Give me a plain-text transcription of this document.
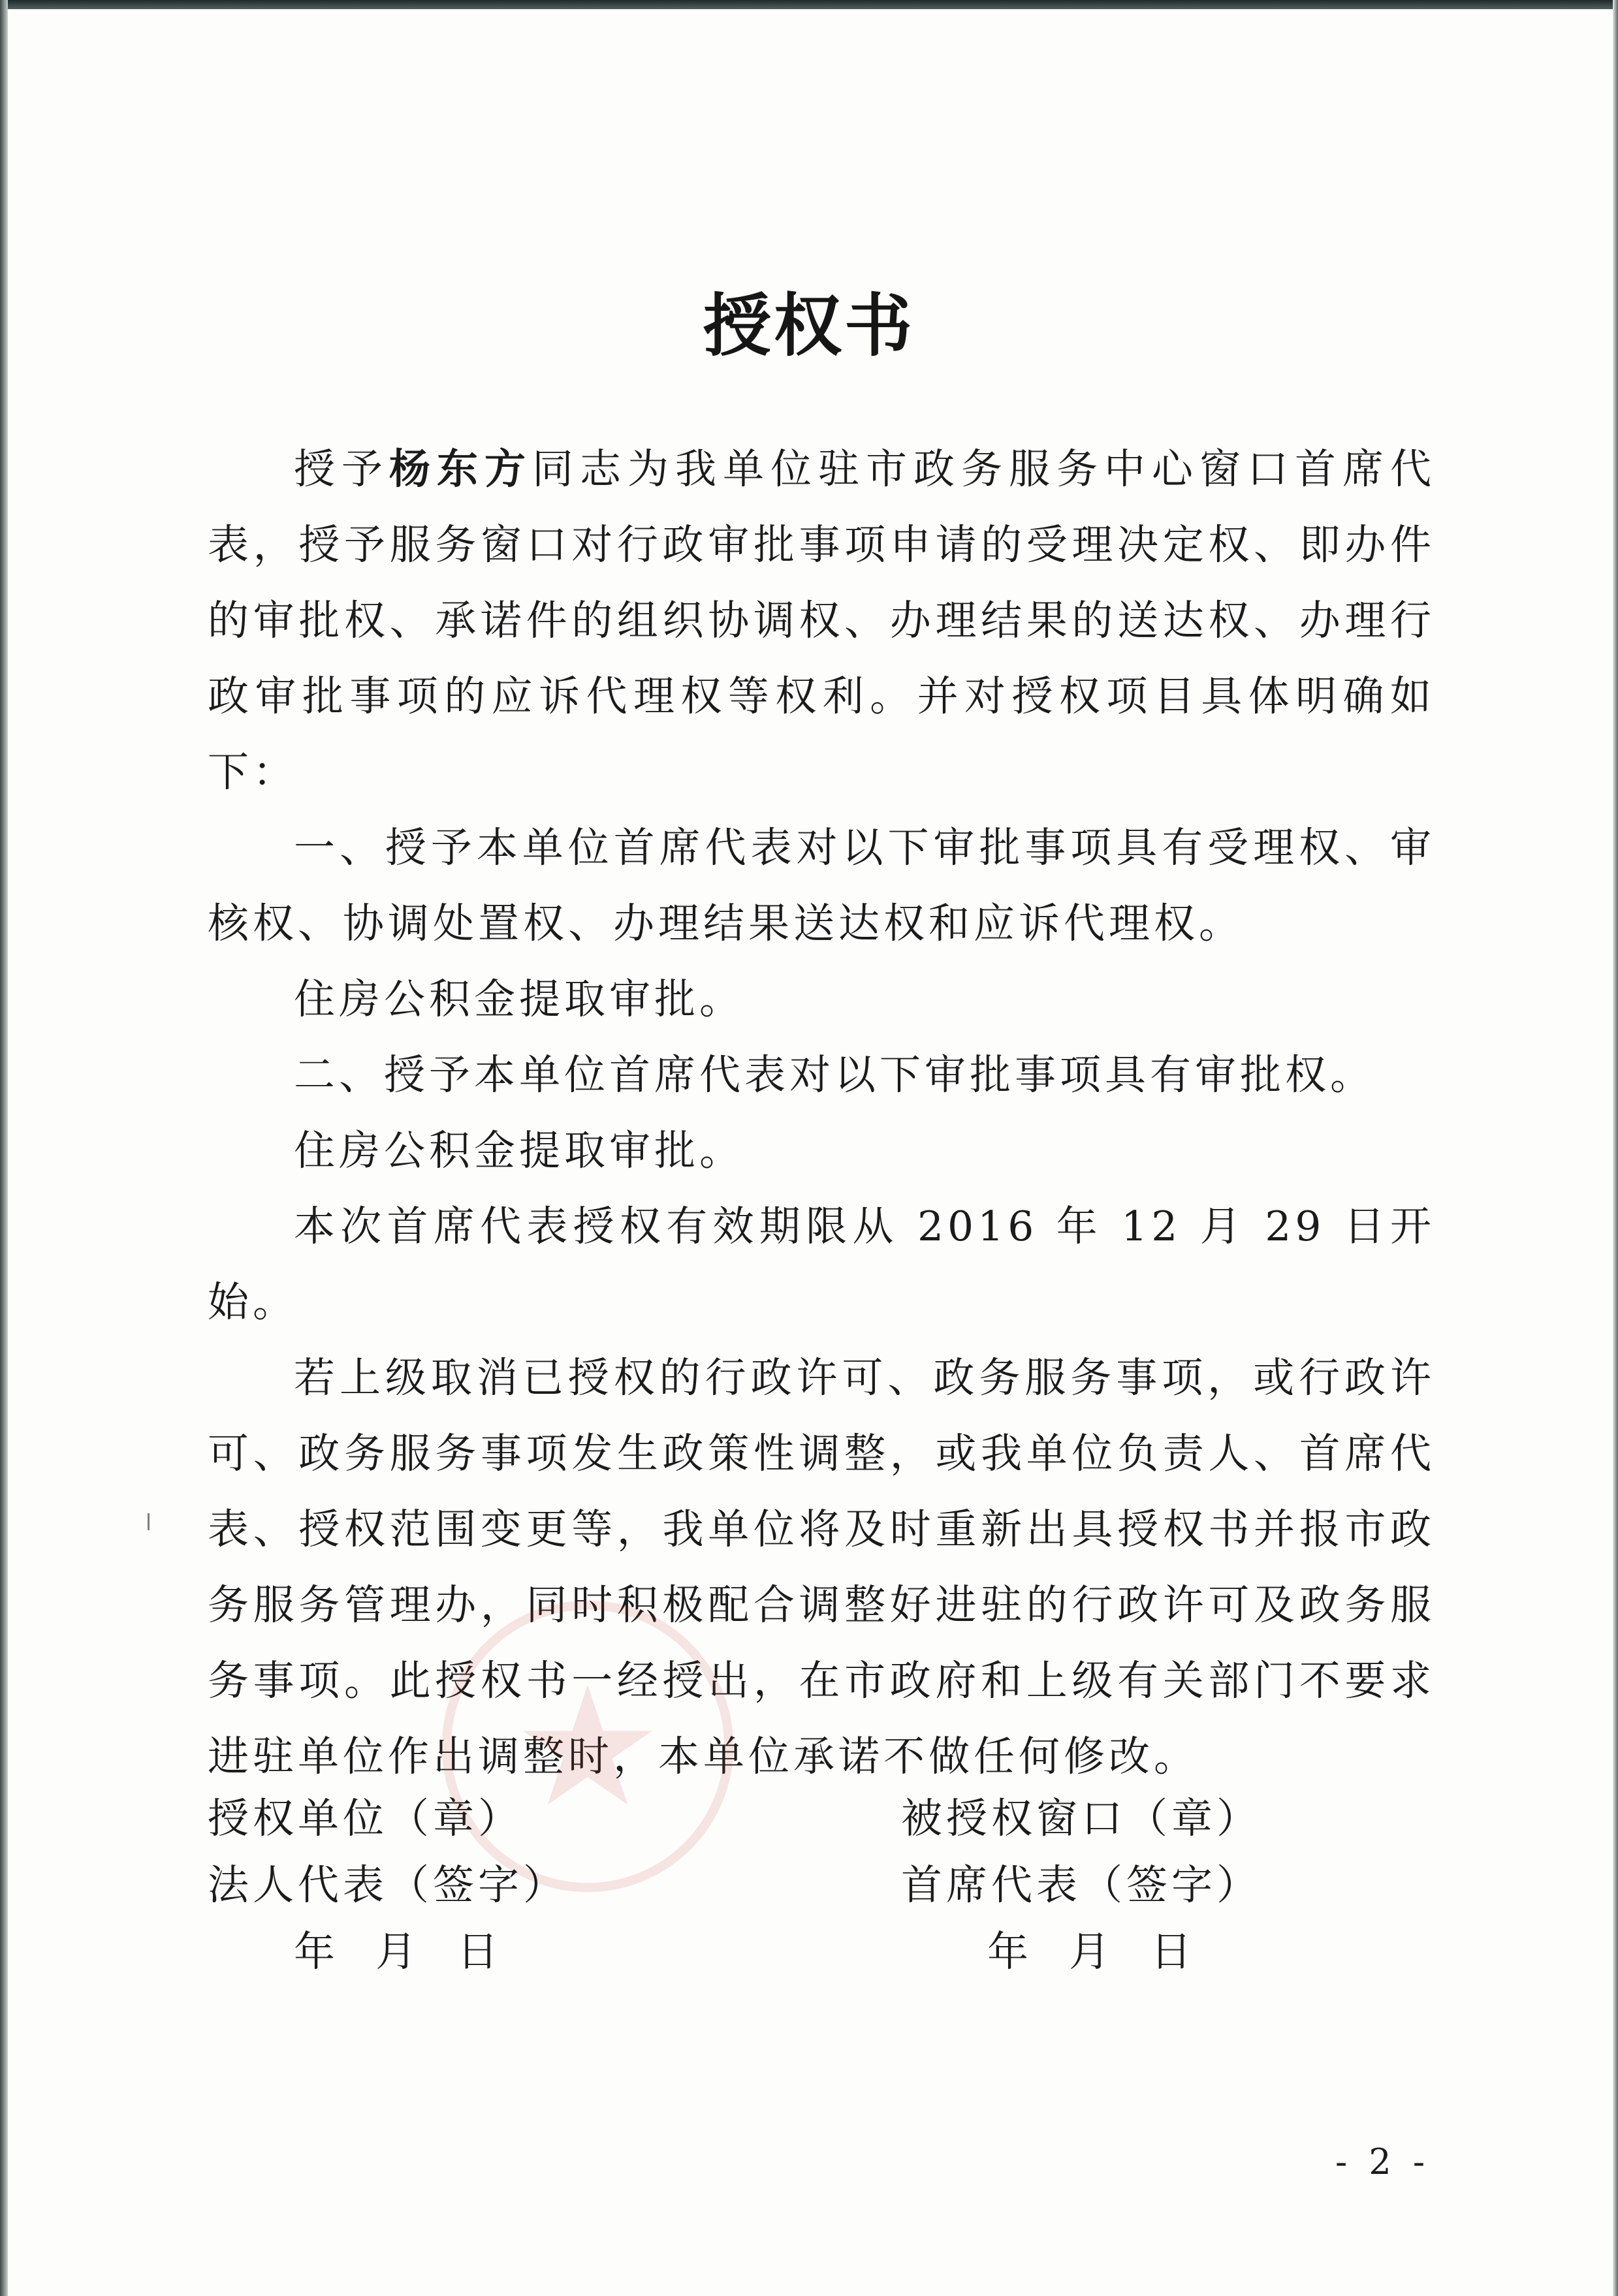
授权书

授予杨东方同志为我单位驻市政务服务中心窗口首席代表，授予服务窗口对行政审批事项申请的受理决定权、即办件的审批权、承诺件的组织协调权、办理结果的送达权、办理行政审批事项的应诉代理权等权利。并对授权项目具体明确如下：

一、授予本单位首席代表对以下审批事项具有受理权、审核权、协调处置权、办理结果送达权和应诉代理权。

住房公积金提取审批。

二、授予本单位首席代表对以下审批事项具有审批权。

住房公积金提取审批。

本次首席代表授权有效期限从 2016 年 12 月 29 日开始。

若上级取消已授权的行政许可、政务服务事项，或行政许可、政务服务事项发生政策性调整，或我单位负责人、首席代表、授权范围变更等，我单位将及时重新出具授权书并报市政务服务管理办，同时积极配合调整好进驻的行政许可及政务服务事项。此授权书一经授出，在市政府和上级有关部门不要求进驻单位作出调整时，本单位承诺不做任何修改。

授权单位（章）
法人代表（签字）
年 月 日
被授权窗口（章）
首席代表（签字）
年 月 日
- 2 -
